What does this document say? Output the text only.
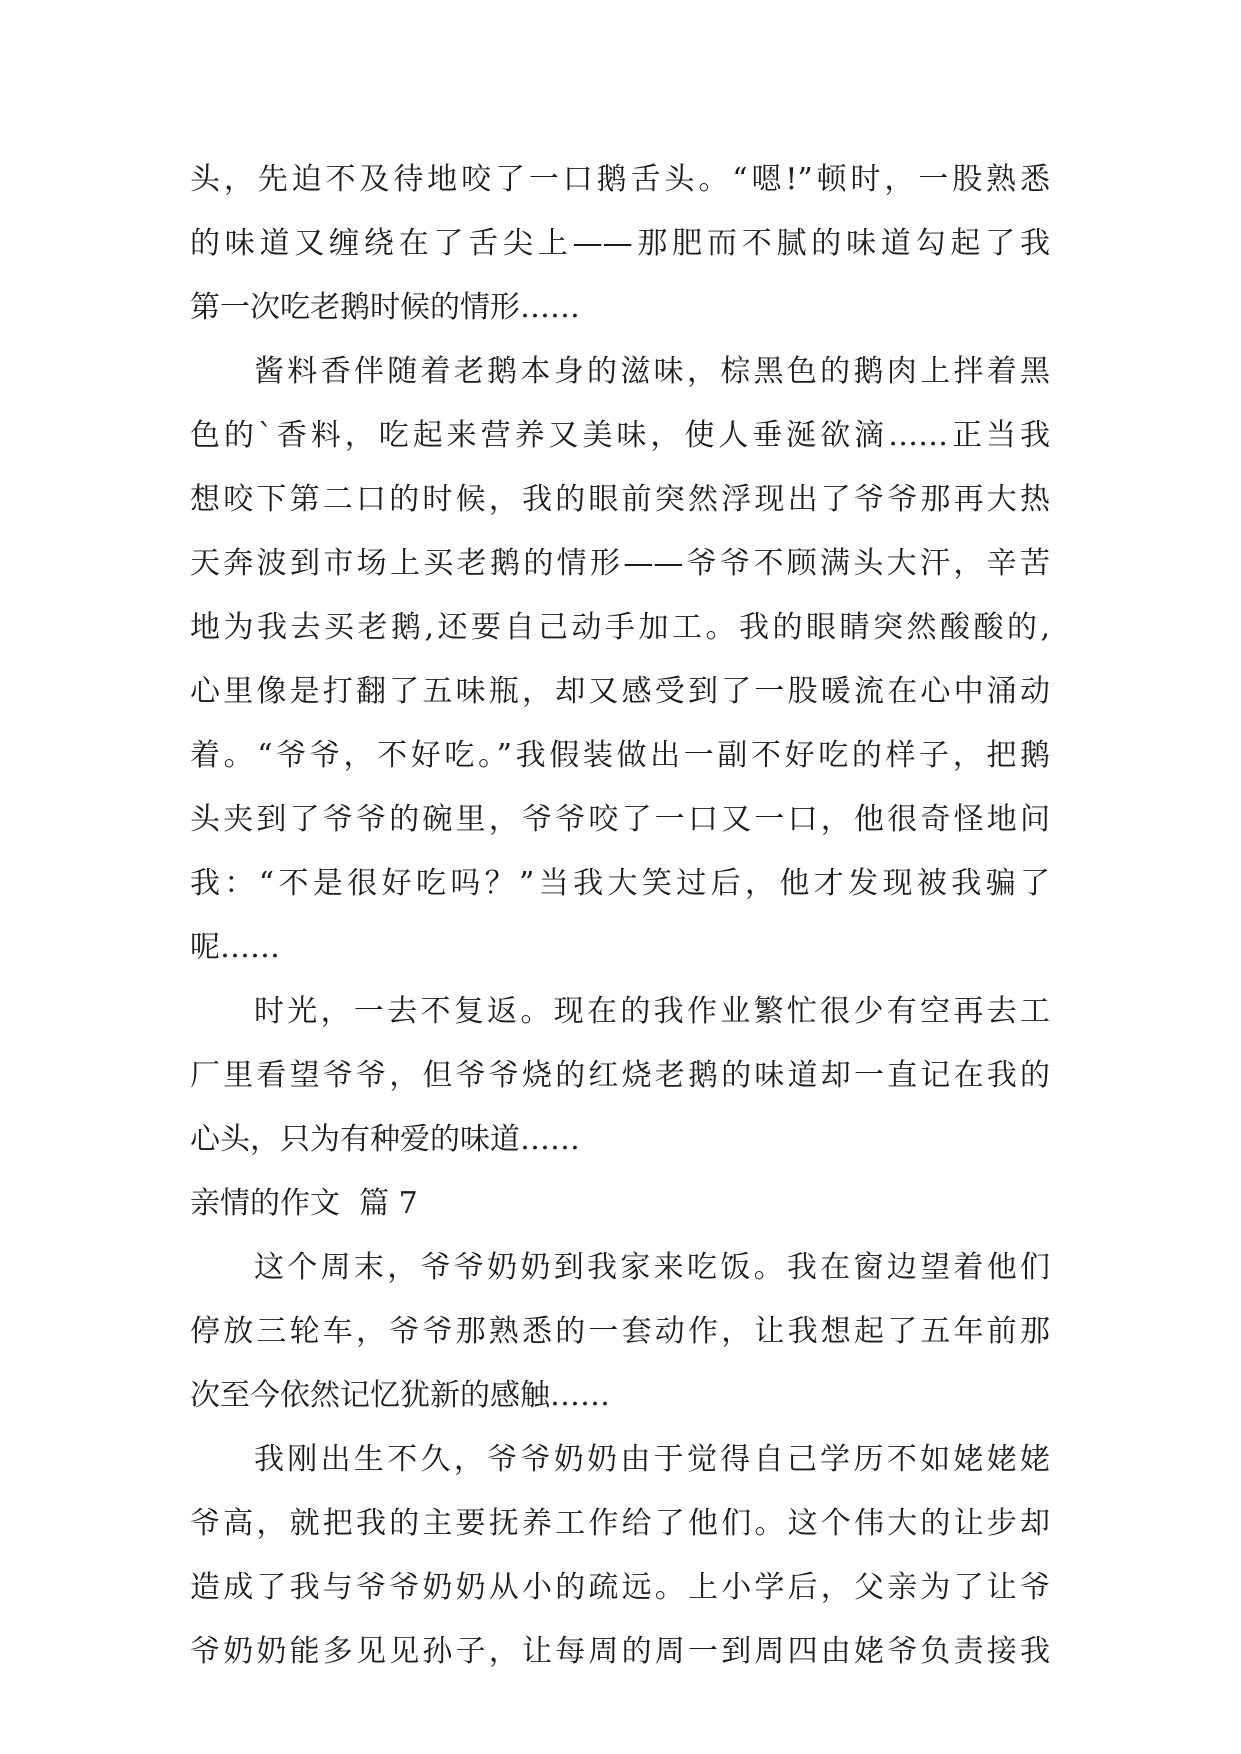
头，先迫不及待地咬了一口鹅舌头。“嗯!”顿时，一股熟悉
的味道又缠绕在了舌尖上——那肥而不腻的味道勾起了我
第一次吃老鹅时候的情形……
酱料香伴随着老鹅本身的滋味，棕黑色的鹅肉上拌着黑
色的`香料，吃起来营养又美味，使人垂涎欲滴……正当我
想咬下第二口的时候，我的眼前突然浮现出了爷爷那再大热
天奔波到市场上买老鹅的情形——爷爷不顾满头大汗，辛苦
地为我去买老鹅,还要自己动手加工。我的眼睛突然酸酸的,
心里像是打翻了五味瓶，却又感受到了一股暖流在心中涌动
着。“爷爷，不好吃。”我假装做出一副不好吃的样子，把鹅
头夹到了爷爷的碗里，爷爷咬了一口又一口，他很奇怪地问
我：“不是很好吃吗？”当我大笑过后，他才发现被我骗了
呢……
时光，一去不复返。现在的我作业繁忙很少有空再去工
厂里看望爷爷，但爷爷烧的红烧老鹅的味道却一直记在我的
心头，只为有种爱的味道……
亲情的作文  篇 7
这个周末，爷爷奶奶到我家来吃饭。我在窗边望着他们
停放三轮车，爷爷那熟悉的一套动作，让我想起了五年前那
次至今依然记忆犹新的感触……
我刚出生不久，爷爷奶奶由于觉得自己学历不如姥姥姥
爷高，就把我的主要抚养工作给了他们。这个伟大的让步却
造成了我与爷爷奶奶从小的疏远。上小学后，父亲为了让爷
爷奶奶能多见见孙子，让每周的周一到周四由姥爷负责接我
